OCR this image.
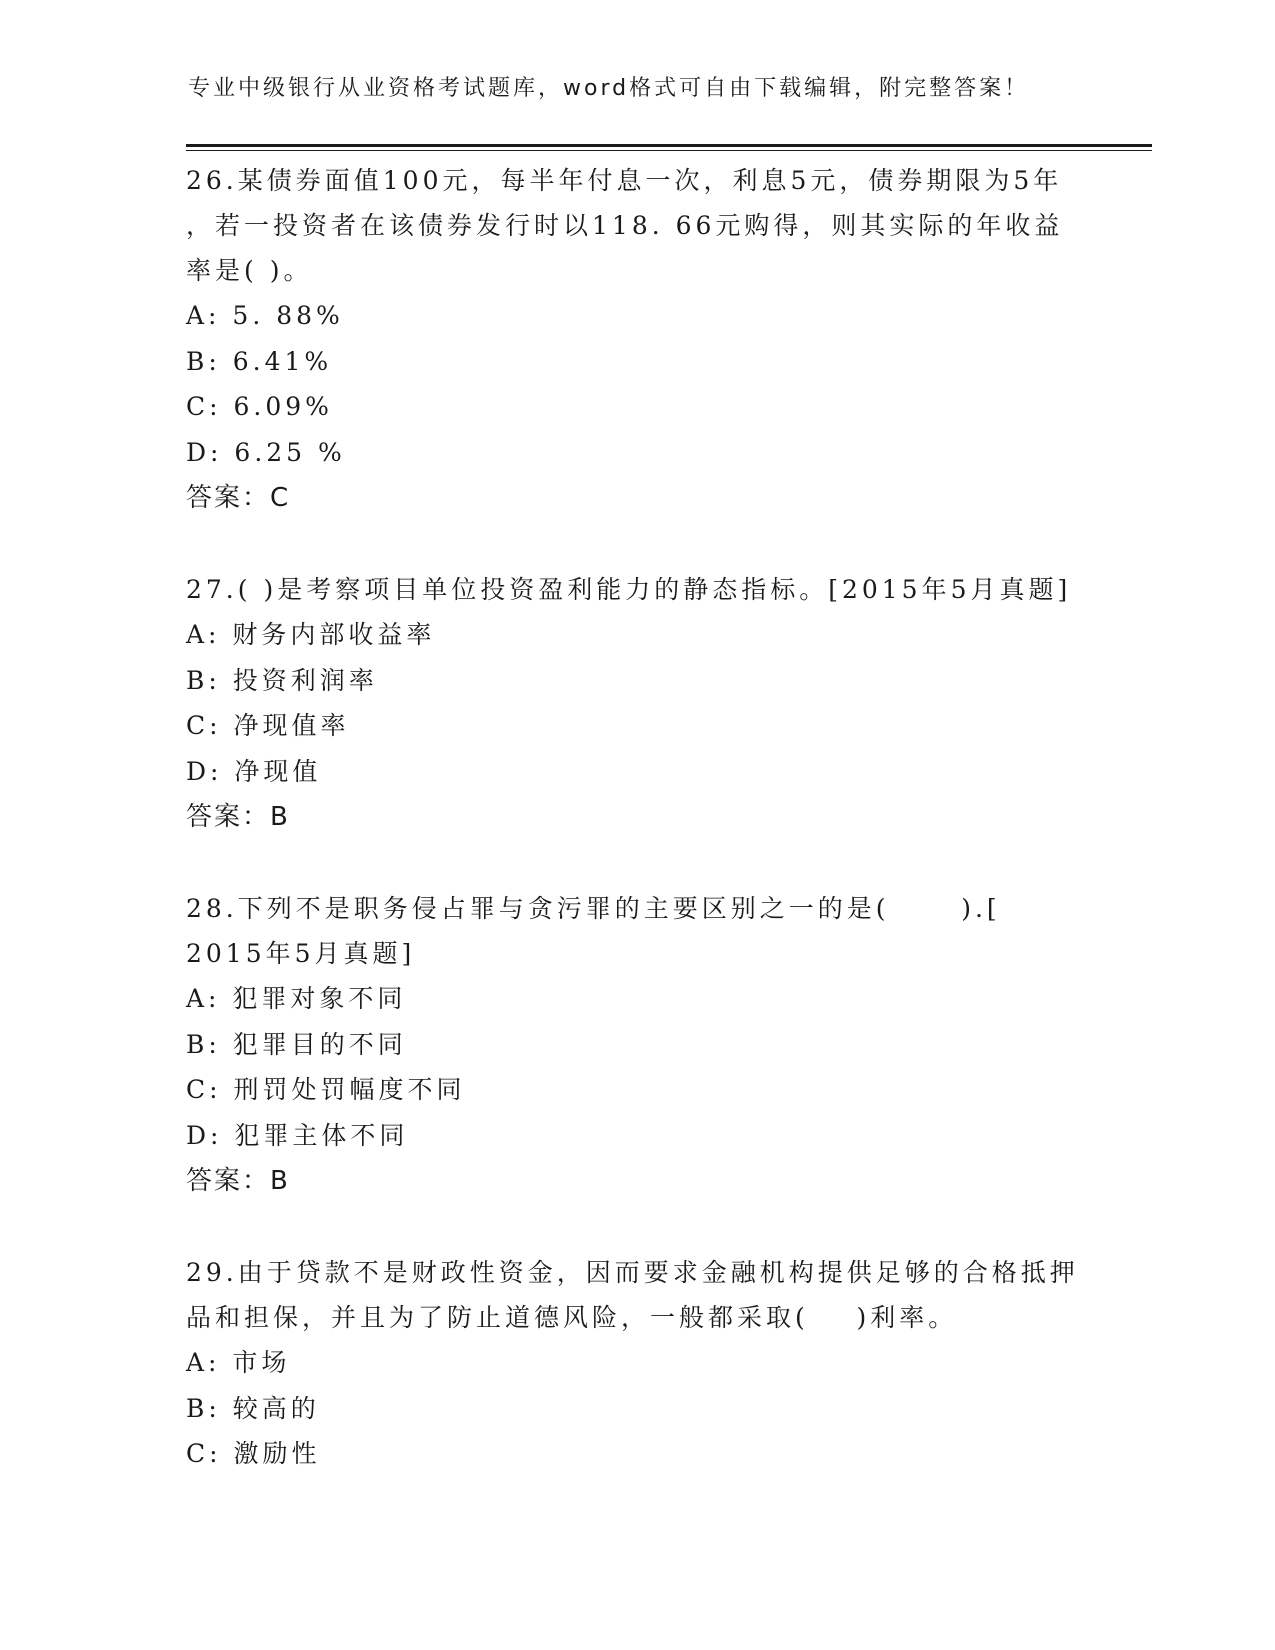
专业中级银行从业资格考试题库，word格式可自由下载编辑，附完整答案！
26.某债券面值100元，每半年付息一次，利息5元，债券期限为5年
，若一投资者在该债券发行时以118. 66元购得，则其实际的年收益
率是( )。
A: 5. 88%
B: 6.41%
C: 6.09%
D: 6.25 %
答案：C
27.( )是考察项目单位投资盈利能力的静态指标。[2015年5月真题]
A: 财务内部收益率
B: 投资利润率
C: 净现值率
D: 净现值
答案：B
28.下列不是职务侵占罪与贪污罪的主要区别之一的是(      ).[
2015年5月真题]
A: 犯罪对象不同
B: 犯罪目的不同
C: 刑罚处罚幅度不同
D: 犯罪主体不同
答案：B
29.由于贷款不是财政性资金，因而要求金融机构提供足够的合格抵押
品和担保，并且为了防止道德风险，一般都采取(    )利率。
A: 市场
B: 较高的
C: 激励性
